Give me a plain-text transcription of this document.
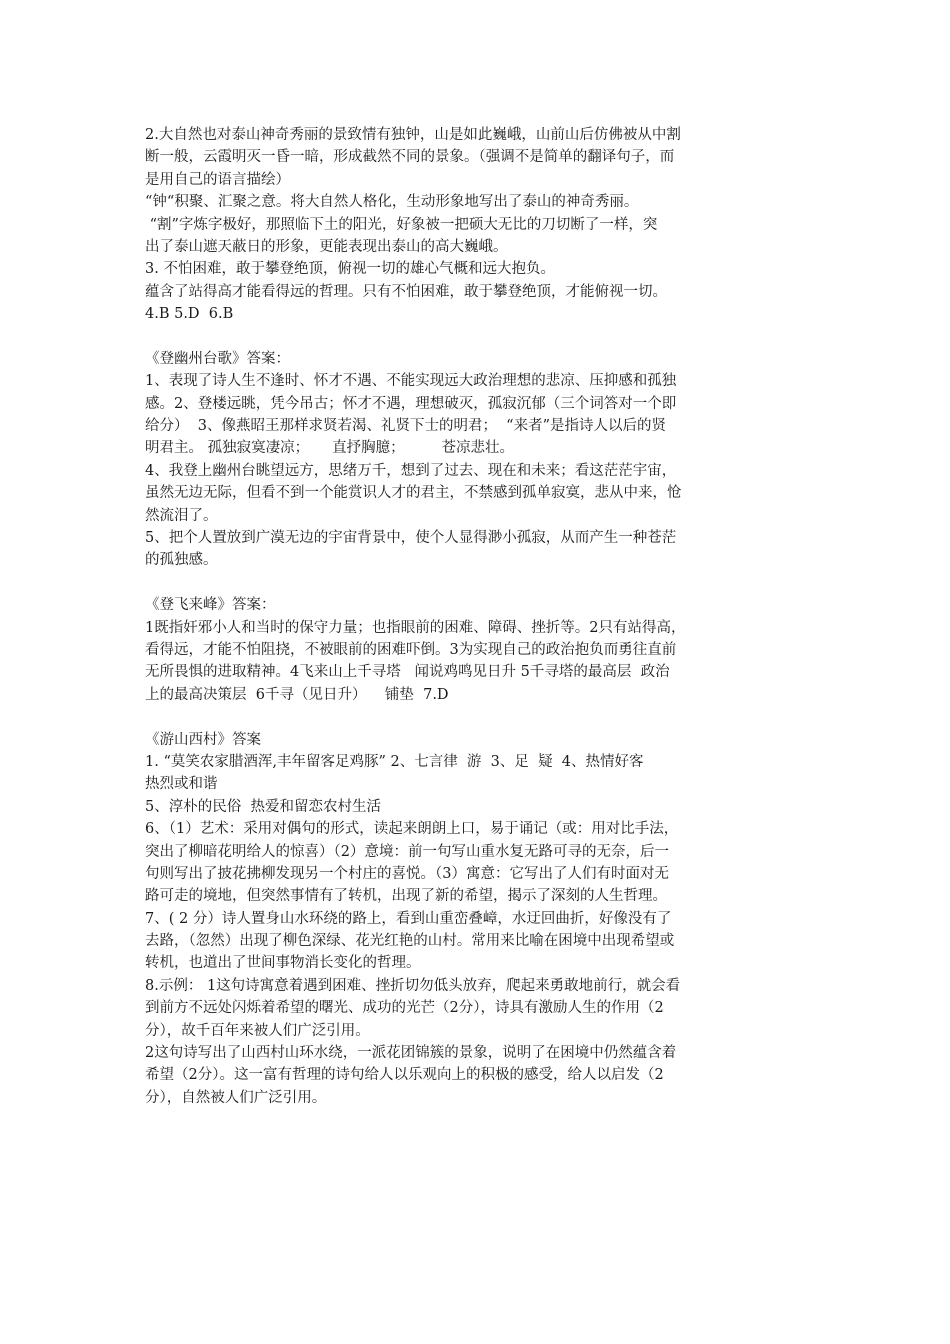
2.大自然也对泰山神奇秀丽的景致情有独钟，山是如此巍峨，山前山后仿佛被从中割
断一般，云霞明灭一昏一暗，形成截然不同的景象。（强调不是简单的翻译句子，而
是用自己的语言描绘）
“钟“积聚、汇聚之意。将大自然人格化，生动形象地写出了泰山的神奇秀丽。
“割”字炼字极好，那照临下土的阳光，好象被一把硕大无比的刀切断了一样，突
出了泰山遮天蔽日的形象，更能表现出泰山的高大巍峨。
3. 不怕困难，敢于攀登绝顶，俯视一切的雄心气概和远大抱负。
蕴含了站得高才能看得远的哲理。只有不怕困难，敢于攀登绝顶，才能俯视一切。
4.B 5.D  6.B
《登幽州台歌》答案：
1、表现了诗人生不逢时、怀才不遇、不能实现远大政治理想的悲凉、压抑感和孤独
感。2、登楼远眺，凭今吊古；怀才不遇，理想破灭，孤寂沉郁（三个词答对一个即
给分）  3、像燕昭王那样求贤若渴、礼贤下士的明君；  “来者”是指诗人以后的贤
明君主。 孤独寂寞凄凉；     直抒胸臆；        苍凉悲壮。
4、我登上幽州台眺望远方，思绪万千，想到了过去、现在和未来；看这茫茫宇宙，
虽然无边无际，但看不到一个能赏识人才的君主，不禁感到孤单寂寞，悲从中来，怆
然流泪了。
5、把个人置放到广漠无边的宇宙背景中，使个人显得渺小孤寂，从而产生一种苍茫
的孤独感。
《登飞来峰》答案：
1既指奸邪小人和当时的保守力量；也指眼前的困难、障碍、挫折等。2只有站得高，
看得远，才能不怕阻挠，不被眼前的困难吓倒。3为实现自己的政治抱负而勇往直前
无所畏惧的进取精神。4飞来山上千寻塔   闻说鸡鸣见日升 5千寻塔的最高层  政治
上的最高决策层  6千寻（见日升）    铺垫  7.D
《游山西村》答案
1. “莫笑农家腊酒浑,丰年留客足鸡豚” 2、七言律  游  3、足  疑  4、热情好客
热烈或和谐
5、淳朴的民俗  热爱和留恋农村生活
6、（1）艺术：采用对偶句的形式，读起来朗朗上口，易于诵记（或：用对比手法，
突出了柳暗花明给人的惊喜）（2）意境：前一句写山重水复无路可寻的无奈，后一
句则写出了披花拂柳发现另一个村庄的喜悦。（3）寓意：它写出了人们有时面对无
路可走的境地，但突然事情有了转机，出现了新的希望，揭示了深刻的人生哲理。
7、( 2 分）诗人置身山水环绕的路上，看到山重峦叠嶂，水迂回曲折，好像没有了
去路，（忽然）出现了柳色深绿、花光红艳的山村。常用来比喻在困境中出现希望或
转机，也道出了世间事物消长变化的哲理。
8.示例： 1这句诗寓意着遇到困难、挫折切勿低头放弃，爬起来勇敢地前行，就会看
到前方不远处闪烁着希望的曙光、成功的光芒（2分），诗具有激励人生的作用（2
分），故千百年来被人们广泛引用。
2这句诗写出了山西村山环水绕，一派花团锦簇的景象，说明了在困境中仍然蕴含着
希望（2分）。这一富有哲理的诗句给人以乐观向上的积极的感受，给人以启发（2
分），自然被人们广泛引用。
